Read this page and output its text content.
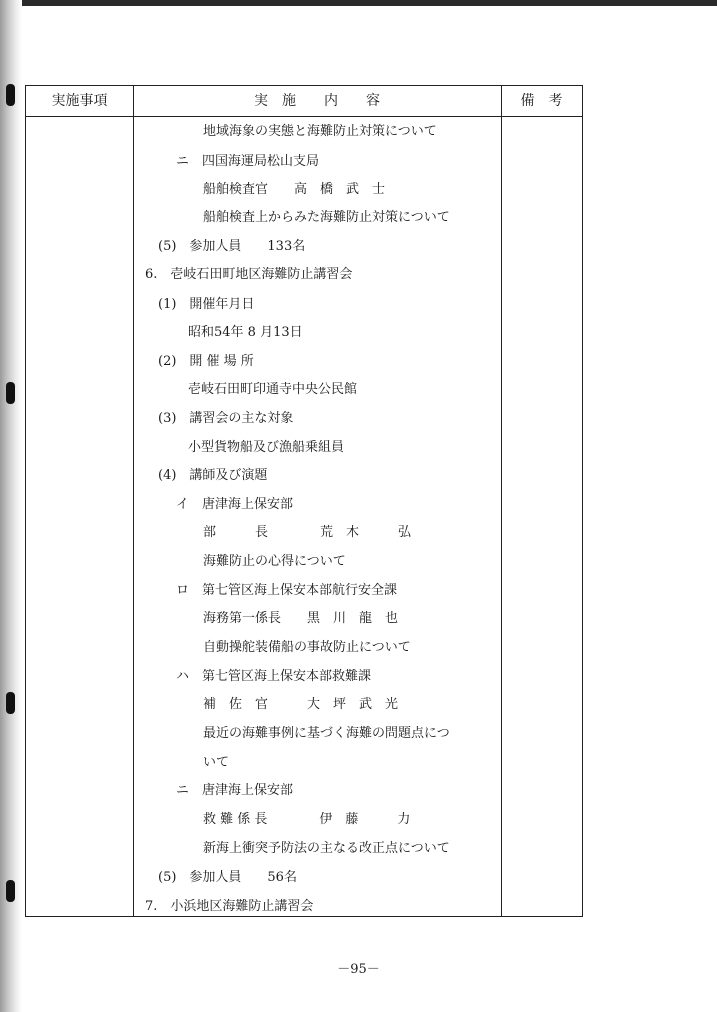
実施事項	実　施　　内　　容	備　考
地域海象の実態と海難防止対策について
ニ　四国海運局松山支局
船舶検査官　　高　橋　武　士
船舶検査上からみた海難防止対策について
(5)　参加人員　　133名
6.　壱岐石田町地区海難防止講習会
(1)　開催年月日
昭和54年 8 月13日
(2)　開 催 場 所
壱岐石田町印通寺中央公民館
(3)　講習会の主な対象
小型貨物船及び漁船乗組員
(4)　講師及び演題
イ　唐津海上保安部
部　　　長　　　　荒　木　　　弘
海難防止の心得について
ロ　第七管区海上保安本部航行安全課
海務第一係長　　黒　川　龍　也
自動操舵装備船の事故防止について
ハ　第七管区海上保安本部救難課
補　佐　官　　　大　坪　武　光
最近の海難事例に基づく海難の問題点につ
いて
ニ　唐津海上保安部
救 難 係 長　　　　伊　藤　　　力
新海上衝突予防法の主なる改正点について
(5)　参加人員　　56名
7.　小浜地区海難防止講習会
－95－
